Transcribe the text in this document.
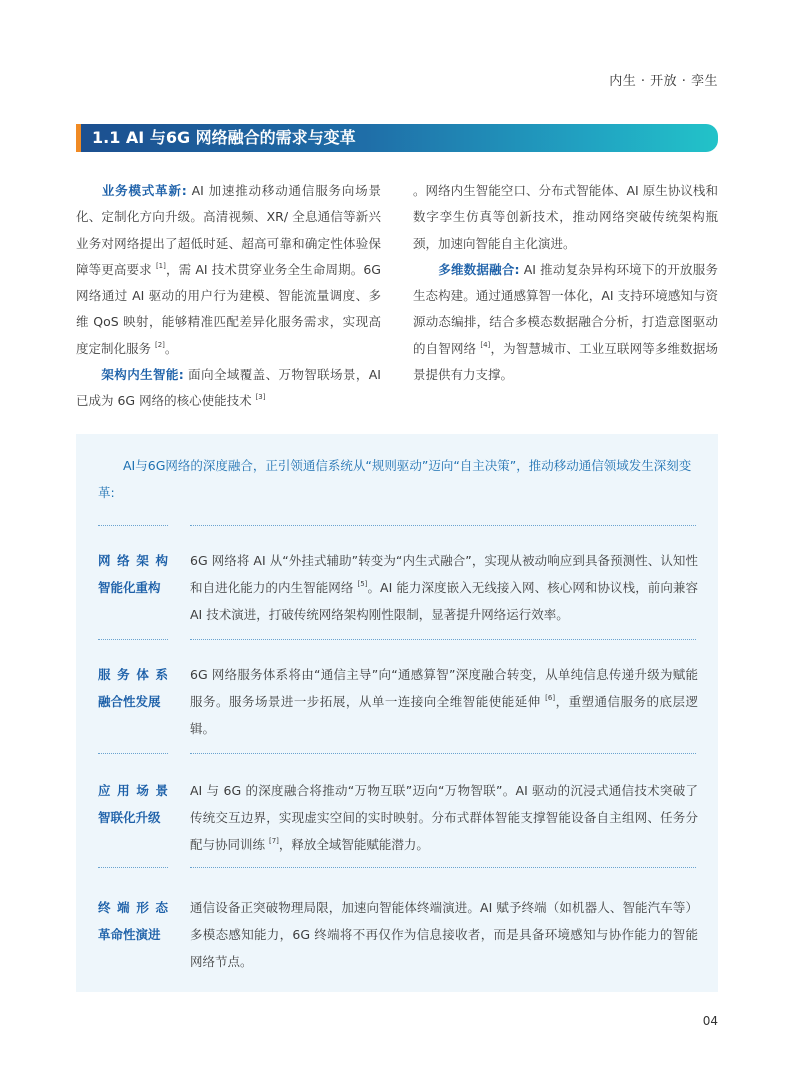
内生 · 开放 · 孪生
1.1 AI 与6G 网络融合的需求与变革

业务模式革新: AI 加速推动移动通信服务向场景化、定制化方向升级。高清视频、XR/ 全息通信等新兴业务对网络提出了超低时延、超高可靠和确定性体验保障等更高要求 [1]，需 AI 技术贯穿业务全生命周期。6G 网络通过 AI 驱动的用户行为建模、智能流量调度、多维 QoS 映射，能够精准匹配差异化服务需求，实现高度定制化服务 [2]。

架构内生智能: 面向全域覆盖、万物智联场景，AI 已成为 6G 网络的核心使能技术 [3]

。网络内生智能空口、分布式智能体、AI 原生协议栈和数字孪生仿真等创新技术，推动网络突破传统架构瓶颈，加速向智能自主化演进。

多维数据融合: AI 推动复杂异构环境下的开放服务生态构建。通过通感算智一体化，AI 支持环境感知与资源动态编排，结合多模态数据融合分析，打造意图驱动的自智网络 [4]，为智慧城市、工业互联网等多维数据场景提供有力支撑。

AI与6G网络的深度融合，正引领通信系统从“规则驱动”迈向“自主决策”，推动移动通信领域发生深刻变革:
网络架构
智能化重构
6G 网络将 AI 从“外挂式辅助”转变为“内生式融合”，实现从被动响应到具备预测性、认知性和自进化能力的内生智能网络 [5]。AI 能力深度嵌入无线接入网、核心网和协议栈，前向兼容 AI 技术演进，打破传统网络架构刚性限制，显著提升网络运行效率。
服务体系
融合性发展
6G 网络服务体系将由“通信主导”向“通感算智”深度融合转变，从单纯信息传递升级为赋能服务。服务场景进一步拓展，从单一连接向全维智能使能延伸 [6]，重塑通信服务的底层逻辑。
应用场景
智联化升级
AI 与 6G 的深度融合将推动“万物互联”迈向“万物智联”。AI 驱动的沉浸式通信技术突破了传统交互边界，实现虚实空间的实时映射。分布式群体智能支撑智能设备自主组网、任务分配与协同训练 [7]，释放全域智能赋能潜力。
终端形态
革命性演进
通信设备正突破物理局限，加速向智能体终端演进。AI 赋予终端（如机器人、智能汽车等）多模态感知能力，6G 终端将不再仅作为信息接收者，而是具备环境感知与协作能力的智能网络节点。
04
